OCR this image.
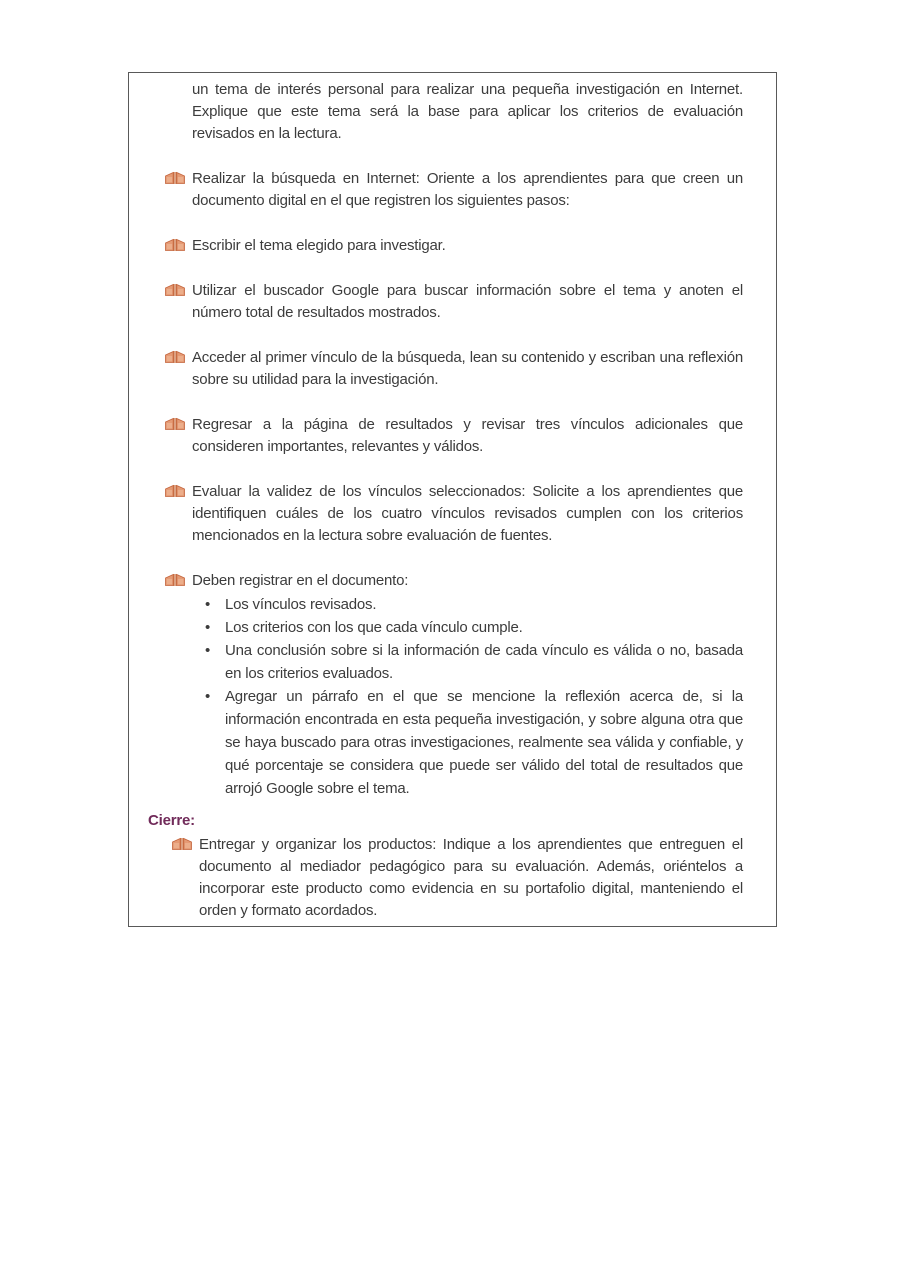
un tema de interés personal para realizar una pequeña investigación en Internet. Explique que este tema será la base para aplicar los criterios de evaluación revisados en la lectura.

Realizar la búsqueda en Internet: Oriente a los aprendientes para que creen un documento digital en el que registren los siguientes pasos:

Escribir el tema elegido para investigar.

Utilizar el buscador Google para buscar información sobre el tema y anoten el número total de resultados mostrados.

Acceder al primer vínculo de la búsqueda, lean su contenido y escriban una reflexión sobre su utilidad para la investigación.

Regresar a la página de resultados y revisar tres vínculos adicionales que consideren importantes, relevantes y válidos.

Evaluar la validez de los vínculos seleccionados: Solicite a los aprendientes que identifiquen cuáles de los cuatro vínculos revisados cumplen con los criterios mencionados en la lectura sobre evaluación de fuentes.

Deben registrar en el documento:

• Los vínculos revisados.

• Los criterios con los que cada vínculo cumple.

• Una conclusión sobre si la información de cada vínculo es válida o no, basada en los criterios evaluados.

• Agregar un párrafo en el que se mencione la reflexión acerca de, si la información encontrada en esta pequeña investigación, y sobre alguna otra que se haya buscado para otras investigaciones, realmente sea válida y confiable, y qué porcentaje se considera que puede ser válido del total de resultados que arrojó Google sobre el tema.

Cierre:

Entregar y organizar los productos: Indique a los aprendientes que entreguen el documento al mediador pedagógico para su evaluación. Además, oriéntelos a incorporar este producto como evidencia en su portafolio digital, manteniendo el orden y formato acordados.
